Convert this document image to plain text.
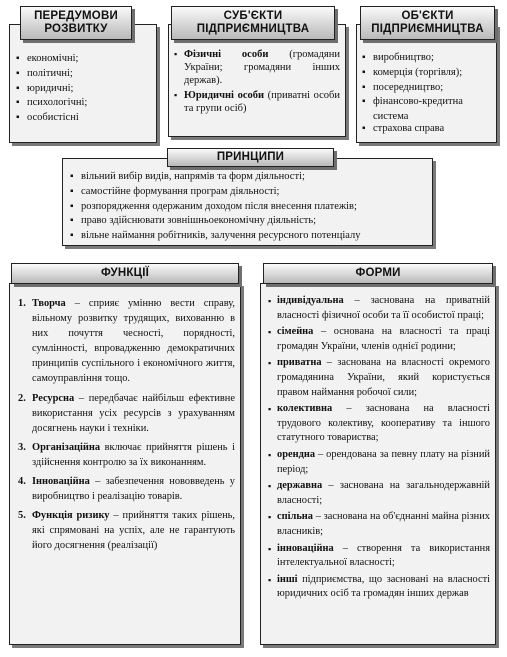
ПЕРЕДУМОВИ РОЗВИТКУ
▪ економічні;
▪ політичні;
▪ юридичні;
▪ психологічні;
▪ особистісні
СУБ'ЄКТИ ПІДПРИЄМНИЦТВА
▪ Фізичні особи (громадяни України; громадяни інших держав).
▪ Юридичні особи (приватні особи та групи осіб)
ОБ'ЄКТИ ПІДПРИЄМНИЦТВА
▪ виробництво;
▪ комерція (торгівля);
▪ посередництво;
▪ фінансово-кредитна система
▪ страхова справа
ПРИНЦИПИ
▪ вільний вибір видів, напрямів та форм діяльності;
▪ самостійне формування програм діяльності;
▪ розпорядження одержаним доходом після внесення платежів;
▪ право здійснювати зовнішньоекономічну діяльність;
▪ вільне наймання робітників, залучення ресурсного потенціалу
ФУНКЦІЇ
1. Творча – сприяє умінню вести справу, вільному розвитку трудящих, вихованню в них почуття чесності, порядності, сумлінності, впровадженню демократичних принципів суспільного і економічного життя, самоуправління тощо.
2. Ресурсна – передбачає найбільш ефективне використання усіх ресурсів з урахуванням досягнень науки і техніки.
3. Організаційна включає прийняття рішень і здійснення контролю за їх виконанням.
4. Інноваційна – забезпечення нововведень у виробництво і реалізацію товарів.
5. Функція ризику – прийняття таких рішень, які спрямовані на успіх, але не гарантують його досягнення (реалізації)
ФОРМИ
▪ індивідуальна – заснована на приватній власності фізичної особи та її особистої праці;
▪ сімейна – основана на власності та праці громадян України, членів однієї родини;
▪ приватна – заснована на власності окремого громадянина України, який користується правом наймання робочої сили;
▪ колективна – заснована на власності трудового колективу, кооперативу та іншого статутного товариства;
▪ орендна – орендована за певну плату на різний період;
▪ державна – заснована на загальнодержавній власності;
▪ спільна – заснована на об'єднанні майна різних власників;
▪ інноваційна – створення та використання інтелектуальної власності;
▪ інші підприємства, що засновані на власності юридичних осіб та громадян інших держав
